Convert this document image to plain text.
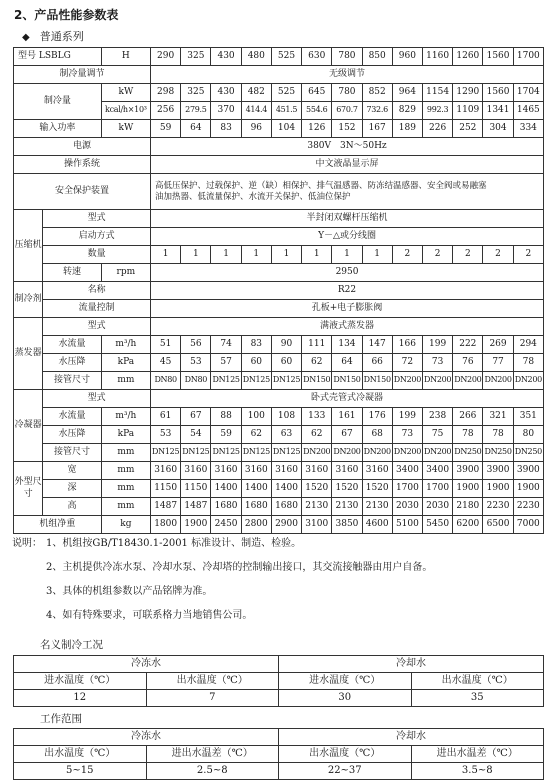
2、产品性能参数表
◆ 普通系列
型号 LSBLG		H	290	325	430	480	525	630	780	850	960	1160	1260	1560	1700
制冷量调节			无级调节												
制冷量		kW	298	325	430	482	525	645	780	852	964	1154	1290	1560	1704
		kcal/h×10³	256	279.5	370	414.4	451.5	554.6	670.7	732.6	829	992.3	1109	1341	1465
输入功率		kW	59	64	83	96	104	126	152	167	189	226	252	304	334
电源			380V　3N～50Hz												
操作系统			中文液晶显示屏												
安全保护装置			高低压保护、过载保护、逆（缺）相保护、排气温感器、防冻结温感器、安全阀或易融塞
油加热器、低流量保护、水流开关保护、低油位保护												

压缩机	型式		半封闭双螺杆压缩机												
	启动方式		Y－△或分线圈												
	数量		1	1	1	1	1	1	1	1	2	2	2	2	2
	转速	rpm	2950												
制冷剂	名称		R22												
	流量控制		孔板+电子膨胀阀												
蒸发器	型式		满液式蒸发器												
	水流量	m³/h	51	56	74	83	90	111	134	147	166	199	222	269	294
	水压降	kPa	45	53	57	60	60	62	64	66	72	73	76	77	78
	接管尺寸	mm	DN80	DN80	DN125	DN125	DN125	DN150	DN150	DN150	DN200	DN200	DN200	DN200	DN200
冷凝器	型式		卧式壳管式冷凝器												
	水流量	m³/h	61	67	88	100	108	133	161	176	199	238	266	321	351
	水压降	kPa	53	54	59	62	63	62	67	68	73	75	78	78	80
	接管尺寸	mm	DN125	DN125	DN125	DN125	DN125	DN200	DN200	DN200	DN200	DN200	DN250	DN250	DN250
外型尺寸	宽	mm	3160	3160	3160	3160	3160	3160	3160	3160	3400	3400	3900	3900	3900
	深	mm	1150	1150	1400	1400	1400	1520	1520	1520	1700	1700	1900	1900	1900
	高	mm	1487	1487	1680	1680	1680	2130	2130	2130	2030	2030	2180	2230	2230
机组净重		kg	1800	1900	2450	2800	2900	3100	3850	4600	5100	5450	6200	6500	7000
说明： 1、机组按GB/T18430.1-2001 标准设计、制造、检验。
2、主机提供冷冻水泵、冷却水泵、冷却塔的控制输出接口，其交流接触器由用户自备。
3、具体的机组参数以产品铭牌为准。
4、如有特殊要求，可联系格力当地销售公司。
名义制冷工况
冷冻水		冷却水	
进水温度（℃）	出水温度（℃）	进水温度（℃）	出水温度（℃）
12	7	30	35
工作范围
冷冻水		冷却水	
出水温度（℃）	进出水温差（℃）	出水温度（℃）	进出水温差（℃）
5~15	2.5~8	22~37	3.5~8
